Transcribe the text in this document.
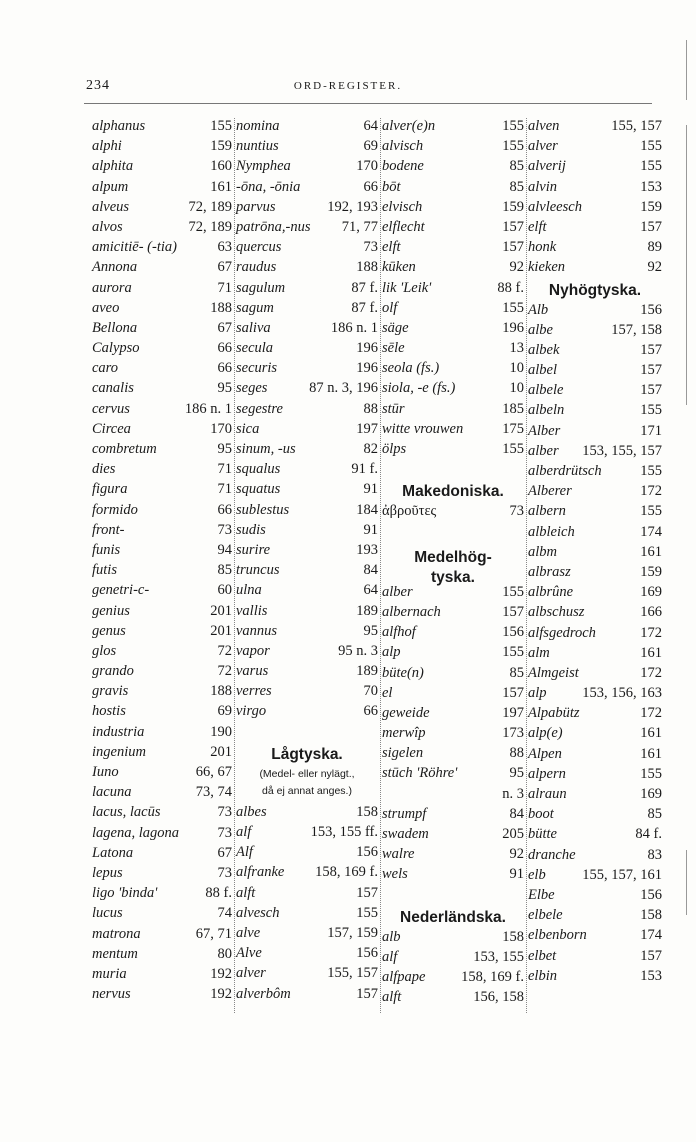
234	ORD-REGISTER.
alphanus	155
alphi	159
alphita	160
alpum	161
alveus	72, 189
alvos	72, 189
amicitiē- (-tia)	63
Annona	67
aurora	71
aveo	188
Bellona	67
Calypso	66
caro	66
canalis	95
cervus	186 n. 1
Circea	170
combretum	95
dies	71
figura	71
formido	66
front-	73
funis	94
futis	85
genetri-c-	60
genius	201
genus	201
glos	72
grando	72
gravis	188
hostis	69
industria	190
ingenium	201
Iuno	66, 67
lacuna	73, 74
lacus, lacūs	73
lagena, lagona	73
Latona	67
lepus	73
ligo 'binda'	88 f.
lucus	74
matrona	67, 71
mentum	80
muria	192
nervus	192
nomina	64
nuntius	69
Nymphea	170
-ōna, -ōnia	66
parvus	192, 193
patrōna,-nus 71, 77
quercus	73
raudus	188
sagulum	87 f.
sagum	87 f.
saliva	186 n. 1
secula	196
securis	196
seges	87 n. 3, 196
segestre	88
sica	197
sinum, -us	82
squalus	91 f.
squatus	91
sublestus	184
sudis	91
surire	193
truncus	84
ulna	64
vallis	189
vannus	95
vapor	95 n. 3
varus	189
verres	70
virgo	66
Lågtyska.
(Medel- eller nylägt.,
då ej annat anges.)
albes	158
alf	153, 155 ff.
Alf	156
alfranke 158, 169 f.
alft	157
alvesch	155
alve	157, 159
Alve	156
alver	155, 157
alverbôm	157
alver(e)n	155
alvisch	155
bodene	85
bōt	85
elvisch	159
elflecht	157
elft	157
kūken	92
lik 'Leik'	88 f.
olf	155
säge	196
sēle	13
seola (fs.)	10
siola, -e (fs.)	10
stūr	185
witte vrouwen	175
ölps	155
Makedoniska.
ἀβροῦτες	73
Medelhög-
tyska.
alber	155
albernach	157
alfhof	156
alp	155
büte(n)	85
el	157
geweide	197
merwîp	173
sigelen	88
stūch 'Röhre'	95
n. 3
strumpf	84
swadem	205
walre	92
wels	91
Nederländska.
alb	158
alf	153, 155
alfpape 158, 169 f.
alft	156, 158
alven	155, 157
alver	155
alverij	155
alvin	153
alvleesch	159
elft	157
honk	89
kieken	92
Nyhögtyska.
Alb	156
albe	157, 158
albek	157
albel	157
albele	157
albeln	155
Alber	171
alber 153, 155, 157
alberdrütsch	155
Alberer	172
albern	155
albleich	174
albm	161
albrasz	159
albrûne	169
albschusz	166
alfsgedroch	172
alm	161
Almgeist	172
alp 153, 156, 163
Alpabütz	172
alp(e)	161
Alpen	161
alpern	155
alraun	169
boot	85
bütte	84 f.
dranche	83
elb	155, 157, 161
Elbe	156
elbele	158
elbenborn	174
elbet	157
elbin	153
